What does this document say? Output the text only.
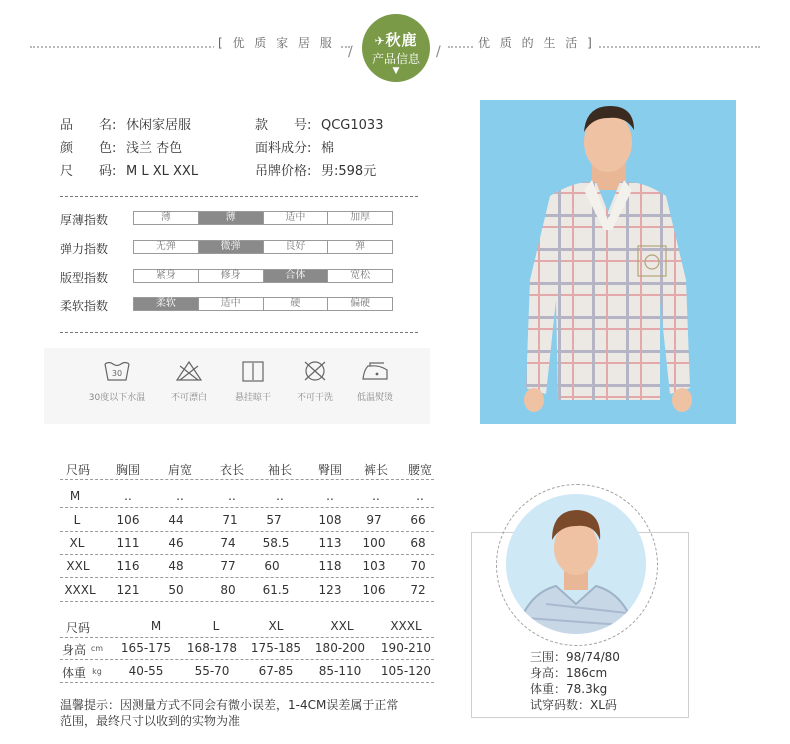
[ 优 质 家 居 服	优 质 的 生 活 ]
/	/
✈秋鹿
产品信息
▼
品　　名: 休闲家居服	款　　号: QCG1033
颜　　色: 浅兰 杏色	面料成分: 棉
尺　　码: M L XL XXL	吊牌价格: 男:598元
厚薄指数	薄	薄	适中	加厚
弹力指数	无弹	微弹	良好	弹
版型指数	紧身	修身	合体	宽松
柔软指数	柔软	适中	硬	偏硬
30
30度以下水温	不可漂白	悬挂晾干	不可干洗	低温熨烫
尺码	胸围	肩宽	衣长	袖长	臀围	裤长	腰宽
M	..	..	..	..	..	..	..
L	106	44	71	57	108	97	66
XL	111	46	74	58.5	113	100	68
XXL	116	48	77	60	118	103	70
XXXL	121	50	80	61.5	123	106	72
尺码	M	L	XL	XXL	XXXL
身高 cm	165-175	168-178	175-185	180-200	190-210
体重 kg	40-55	55-70	67-85	85-110	105-120
温馨提示：因测量方式不同会有微小误差，1-4CM误差属于正常
范围，最终尺寸以收到的实物为准
三围：98/74/80
身高：186cm
体重：78.3kg
试穿码数：XL码
